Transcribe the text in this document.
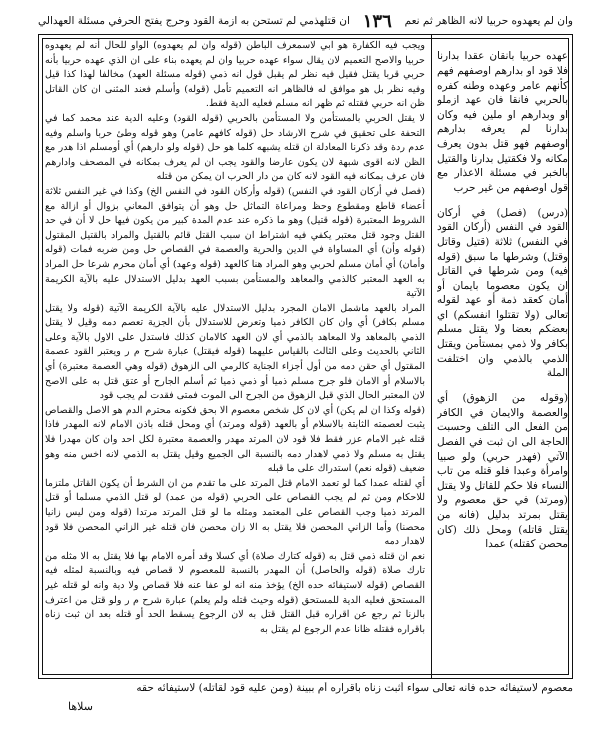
وان لم يعهدوه حربيا لانه الظاهر ثم نعم
١٣٦
ان قتلهذمي لم تستحن به ازمة القود وحرج يفتح الحرفي مسئلة العهدالي

ويجب فيه الكفارة هو ابي لاسمعرف الباطن (قوله وان لم يعهدوه) الواو للحال أنه لم يعهدوه حربيا والاصح التعميم لان يقال سواء عهده حربيا وان لم يعهده بناء على ان الذي عهده حربيا بأنه حربي قربا يقتل فقيل فيه نظر لم يقبل قول انه ذمي (قوله مسئلة العهد) مخالفا لهذا كذا قيل وفيه نظر بل هو موافق له فالظاهر انه التعميم تأمل (قوله) وأسلم فعند المثنى ان كان القاتل ظن انه حربي فقتله ثم ظهر انه مسلم فعليه الدية فقط.

لا يقتل الحربي بالمستأمن ولا المستأمن بالحربي (قوله القود) وعليه الدية عند محمد كما في التحفة على تحقيق في شرح الارشاد حل (قوله كافهم عامر) وهو قوله وطئ حربا واسلم وفيه عدم ردة وقد ذكرنا المعادلة ان قتله يشبهه كلما هو حل (قوله ولو دارهم) أي أومسلم اذا هدر مع الظن لانه اقوى شبهة لان يكون عارضا والقود يجب ان لم يعرف بمكانه في المصحف وادارهم فان عرف بمكانه فيه القود لانه كان من دار الحرب ان يمكن من قتله

(فصل في أركان القود في النفس) (قوله وأركان القود في النفس الخ) وكذا في غير النفس ثلاثة أعضاء قاطع ومقطوع وحظ ومراعاة التماثل حل وهو أن يتوافق المعاني بزوال أو ازالة مع الشروط المعتبرة (قوله قتيل) وهو ما ذكره عند عدم المدة كبير من يكون فيها حل لا أن في حد القتل وجود قتل معتبر يكفي فيه اشتراط ان سبب القتل قائم بالقتيل والمراد بالقتيل المقتول (قوله وأن) أي المساواة في الدين والحرية والعصمة في القصاص حل ومن ضربه فمات (قوله وأمان) أي أمان مسلم لحربي وهو المراد هنا كالعهد (قوله وعهد) أي أمان محرم شرعا حل المراد به العهد المعتبر كالذمي والمعاهد والمستأمن بسبب العهد بدليل الاستدلال عليه بالآية الكريمة الآتية

المراد بالعهد ماشمل الامان المجرد بدليل الاستدلال عليه بالآية الكريمة الآتية (قوله ولا يقتل مسلم بكافر) أي وان كان الكافر ذميا وتعرض للاستدلال بأن الجزية تعصم دمه وقيل لا يقتل الذمي بالمعاهد ولا المعاهد بالذمي أي لان العهد كالامان كذلك فاستدل على الاول بالآية وعلى الثاني بالحديث وعلى الثالث بالقياس عليهما (قوله فيقتل) عبارة شرح م ر ويعتبر القود عصمة المقتول أي حقن دمه من أول أجزاء الجناية كالرمي الى الزهوق (قوله وهي العصمة معتبرة) أي بالاسلام أو الامان فلو جرح مسلم ذميا أو ذمي ذميا ثم أسلم الجارح أو عتق قتل به على الاصح لان المعتبر الحال الذي قبل الزهوق من الجرح الى الموت فمتى فقدت لم يجب قود

(قوله وكذا ان لم يكن) أي لان كل شخص معصوم الا بحق فكونه محترم الدم هو الاصل والقصاص يثبت لعصمته الثابتة بالاسلام أو بالعهد (قوله ومرتد) أي ومحل قتله باذن الامام لانه المهدر فاذا قتله غير الامام عزر فقط فلا قود لان المرتد مهدر والعصمة معتبرة لكل احد وان كان مهدرا فلا يقتل به مسلم ولا ذمي لاهدار دمه بالنسبة الى الجميع وقيل يقتل به الذمي لانه اخس منه وهو ضعيف (قوله نعم) استدراك على ما قبله

أي لقتله عمدا كما لو تعمد الامام قتل المرتد على ما تقدم من ان الشرط أن يكون القاتل ملتزما للاحكام ومن ثم لم يجب القصاص على الحربي (قوله من عمد) لو قتل الذمي مسلما أو قتل المرتد ذميا وجب القصاص على المعتمد ومثله ما لو قتل المرتد مرتدا (قوله ومن ليس زانيا محصنا) وأما الزاني المحصن فلا يقتل به الا زان محصن فان قتله غير الزاني المحصن فلا قود لاهدار دمه

نعم ان قتله ذمي قتل به (قوله كتارك صلاة) أي كسلا وقد أمره الامام بها فلا يقتل به الا مثله من تارك صلاة (قوله والحاصل) أن المهدر بالنسبة للمعصوم لا قصاص فيه وبالنسبة لمثله فيه القصاص (قوله لاستيفائه حده الخ) يؤخذ منه انه لو عفا عنه فلا قصاص ولا دية وانه لو قتله غير المستحق فعليه الدية للمستحق (قوله وحيث قتله ولم يعلم) عبارة شرح م ر ولو قتل من اعترف بالزنا ثم رجع عن اقراره قبل القتل قتل به لان الرجوع يسقط الحد أو قتله بعد ان ثبت زناه باقراره فقتله ظانا عدم الرجوع لم يقتل به

عهده حربيا بانقان عقدا بدارنا فلا قود او بدارهم اوصفهم فهم كأنهم عامر وعهده وطنه كفره بالحربي فانقا فان عهد ازملو او وبدارهم او ملين فيه وكان بدارنا لم يعرفه بدارهم اوصفهم فهو قتل بدون يعرف مكانه ولا فكقتيل بدارنا والقتيل بالخبر في مسئلة الاعذار مع قول اوصفهم من غير حرب

(درس) (فصل) في أركان القود في النفس (أركان القود في النفس) ثلاثة (قتيل وقاتل وقتل) وشرطها ما سبق (قوله فيه) ومن شرطها في القاتل ان يكون معصوما بايمان أو أمان كعقد ذمة أو عهد لقوله تعالى (ولا تقتلوا انفسكم) اي بعضكم بعضا ولا يقتل مسلم بكافر ولا ذمي بمستأمن ويقتل الذمي بالذمي وان اختلفت الملة

(وقوله من الزهوق) أي والعصمة والايمان في الكافر من الفعل الى التلف وحسبت الحاجة الى ان ثبت في الفصل الآتي (فهدر حربي) ولو صبيا وامرأة وعبدا فلو قتله من تاب النساء فلا حكم للقاتل ولا يقتل (ومرتد) في حق معصوم ولا يقتل بمرتد بدليل (فانه من يقتل قاتله) ومحل ذلك (كان محصن كقتله) عمدا

معصوم لاستيفائه حده فانه تعالى سواء أثبت زناه باقراره أم ببينة (ومن عليه قود لقاتله) لاستيفائه حقه
سلاها
